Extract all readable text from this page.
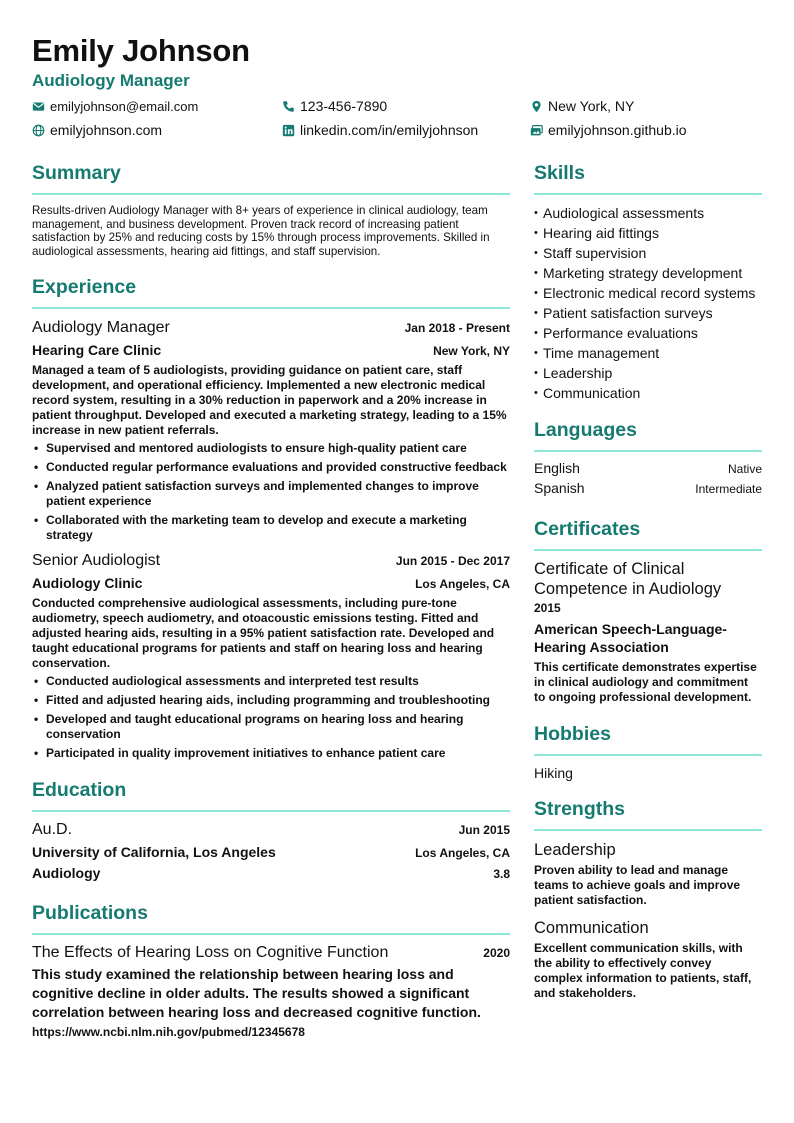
Emily Johnson
Audiology Manager
emilyjohnson@email.com	123-456-7890	New York, NY
emilyjohnson.com	linkedin.com/in/emilyjohnson	emilyjohnson.github.io
Summary
Results-driven Audiology Manager with 8+ years of experience in clinical audiology, team management, and business development. Proven track record of increasing patient satisfaction by 25% and reducing costs by 15% through process improvements. Skilled in audiological assessments, hearing aid fittings, and staff supervision.
Experience
Audiology Manager	Jan 2018 - Present
Hearing Care Clinic	New York, NY
Managed a team of 5 audiologists, providing guidance on patient care, staff development, and operational efficiency. Implemented a new electronic medical record system, resulting in a 30% reduction in paperwork and a 20% increase in patient throughput. Developed and executed a marketing strategy, leading to a 15% increase in new patient referrals.
• Supervised and mentored audiologists to ensure high-quality patient care
• Conducted regular performance evaluations and provided constructive feedback
• Analyzed patient satisfaction surveys and implemented changes to improve patient experience
• Collaborated with the marketing team to develop and execute a marketing strategy
Senior Audiologist	Jun 2015 - Dec 2017
Audiology Clinic	Los Angeles, CA
Conducted comprehensive audiological assessments, including pure-tone audiometry, speech audiometry, and otoacoustic emissions testing. Fitted and adjusted hearing aids, resulting in a 95% patient satisfaction rate. Developed and taught educational programs for patients and staff on hearing loss and hearing conservation.
• Conducted audiological assessments and interpreted test results
• Fitted and adjusted hearing aids, including programming and troubleshooting
• Developed and taught educational programs on hearing loss and hearing conservation
• Participated in quality improvement initiatives to enhance patient care
Education
Au.D.	Jun 2015
University of California, Los Angeles	Los Angeles, CA
Audiology	3.8
Publications
The Effects of Hearing Loss on Cognitive Function	2020
This study examined the relationship between hearing loss and cognitive decline in older adults. The results showed a significant correlation between hearing loss and decreased cognitive function.
https://www.ncbi.nlm.nih.gov/pubmed/12345678
Skills
• Audiological assessments
• Hearing aid fittings
• Staff supervision
• Marketing strategy development
• Electronic medical record systems
• Patient satisfaction surveys
• Performance evaluations
• Time management
• Leadership
• Communication
Languages
English	Native
Spanish	Intermediate
Certificates
Certificate of Clinical Competence in Audiology
2015
American Speech-Language-Hearing Association
This certificate demonstrates expertise in clinical audiology and commitment to ongoing professional development.
Hobbies
Hiking
Strengths
Leadership
Proven ability to lead and manage teams to achieve goals and improve patient satisfaction.
Communication
Excellent communication skills, with the ability to effectively convey complex information to patients, staff, and stakeholders.
